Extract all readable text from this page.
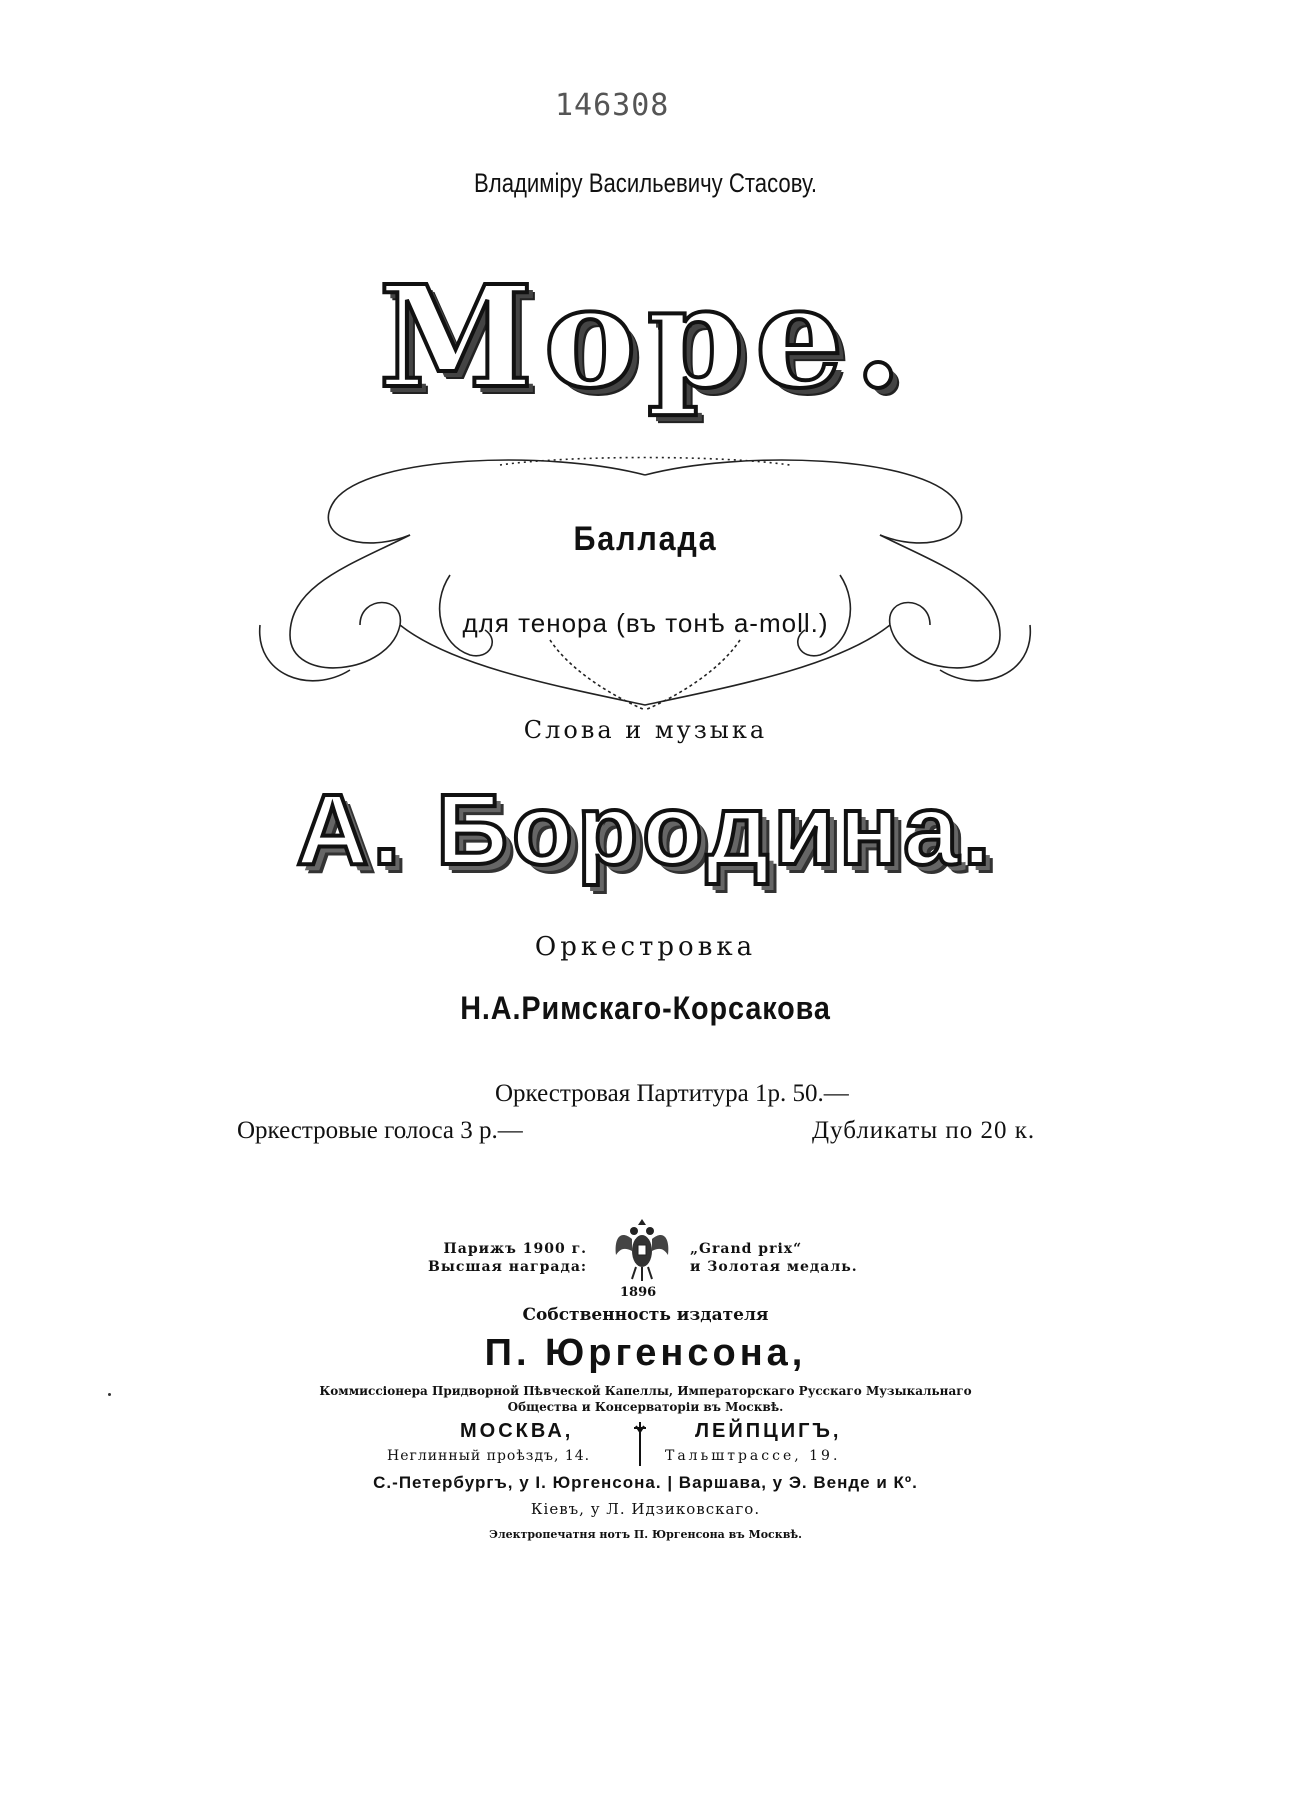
146308
Владиміру Васильевичу Стасову.
Море.
Баллада
для тенора (въ тонѣ a-moll.)
Слова и музыка
А. Бородина.
Оркестровка
Н.А.Римскаго-Корсакова
Оркестровая Партитура 1р. 50.—
Оркестровые голоса 3 р.—	Дубликаты по 20 к.
Парижъ 1900 г.
Высшая награда:
„Grand prix“
и Золотая медаль.
1896
Собственность издателя
П. Юргенсона,
Коммиссіонера Придворной Пѣвческой Капеллы, Императорскаго Русскаго Музыкальнаго
Общества и Консерваторіи въ Москвѣ.
МОСКВА,	ЛЕЙПЦИГЪ,
Неглинный проѣздъ, 14.	Тальштрассе, 19.
С.-Петербургъ, у І. Юргенсона. | Варшава, у Э. Венде и Кº.
Кіевъ, у Л. Идзиковскаго.
Электропечатня нотъ П. Юргенсона въ Москвѣ.
